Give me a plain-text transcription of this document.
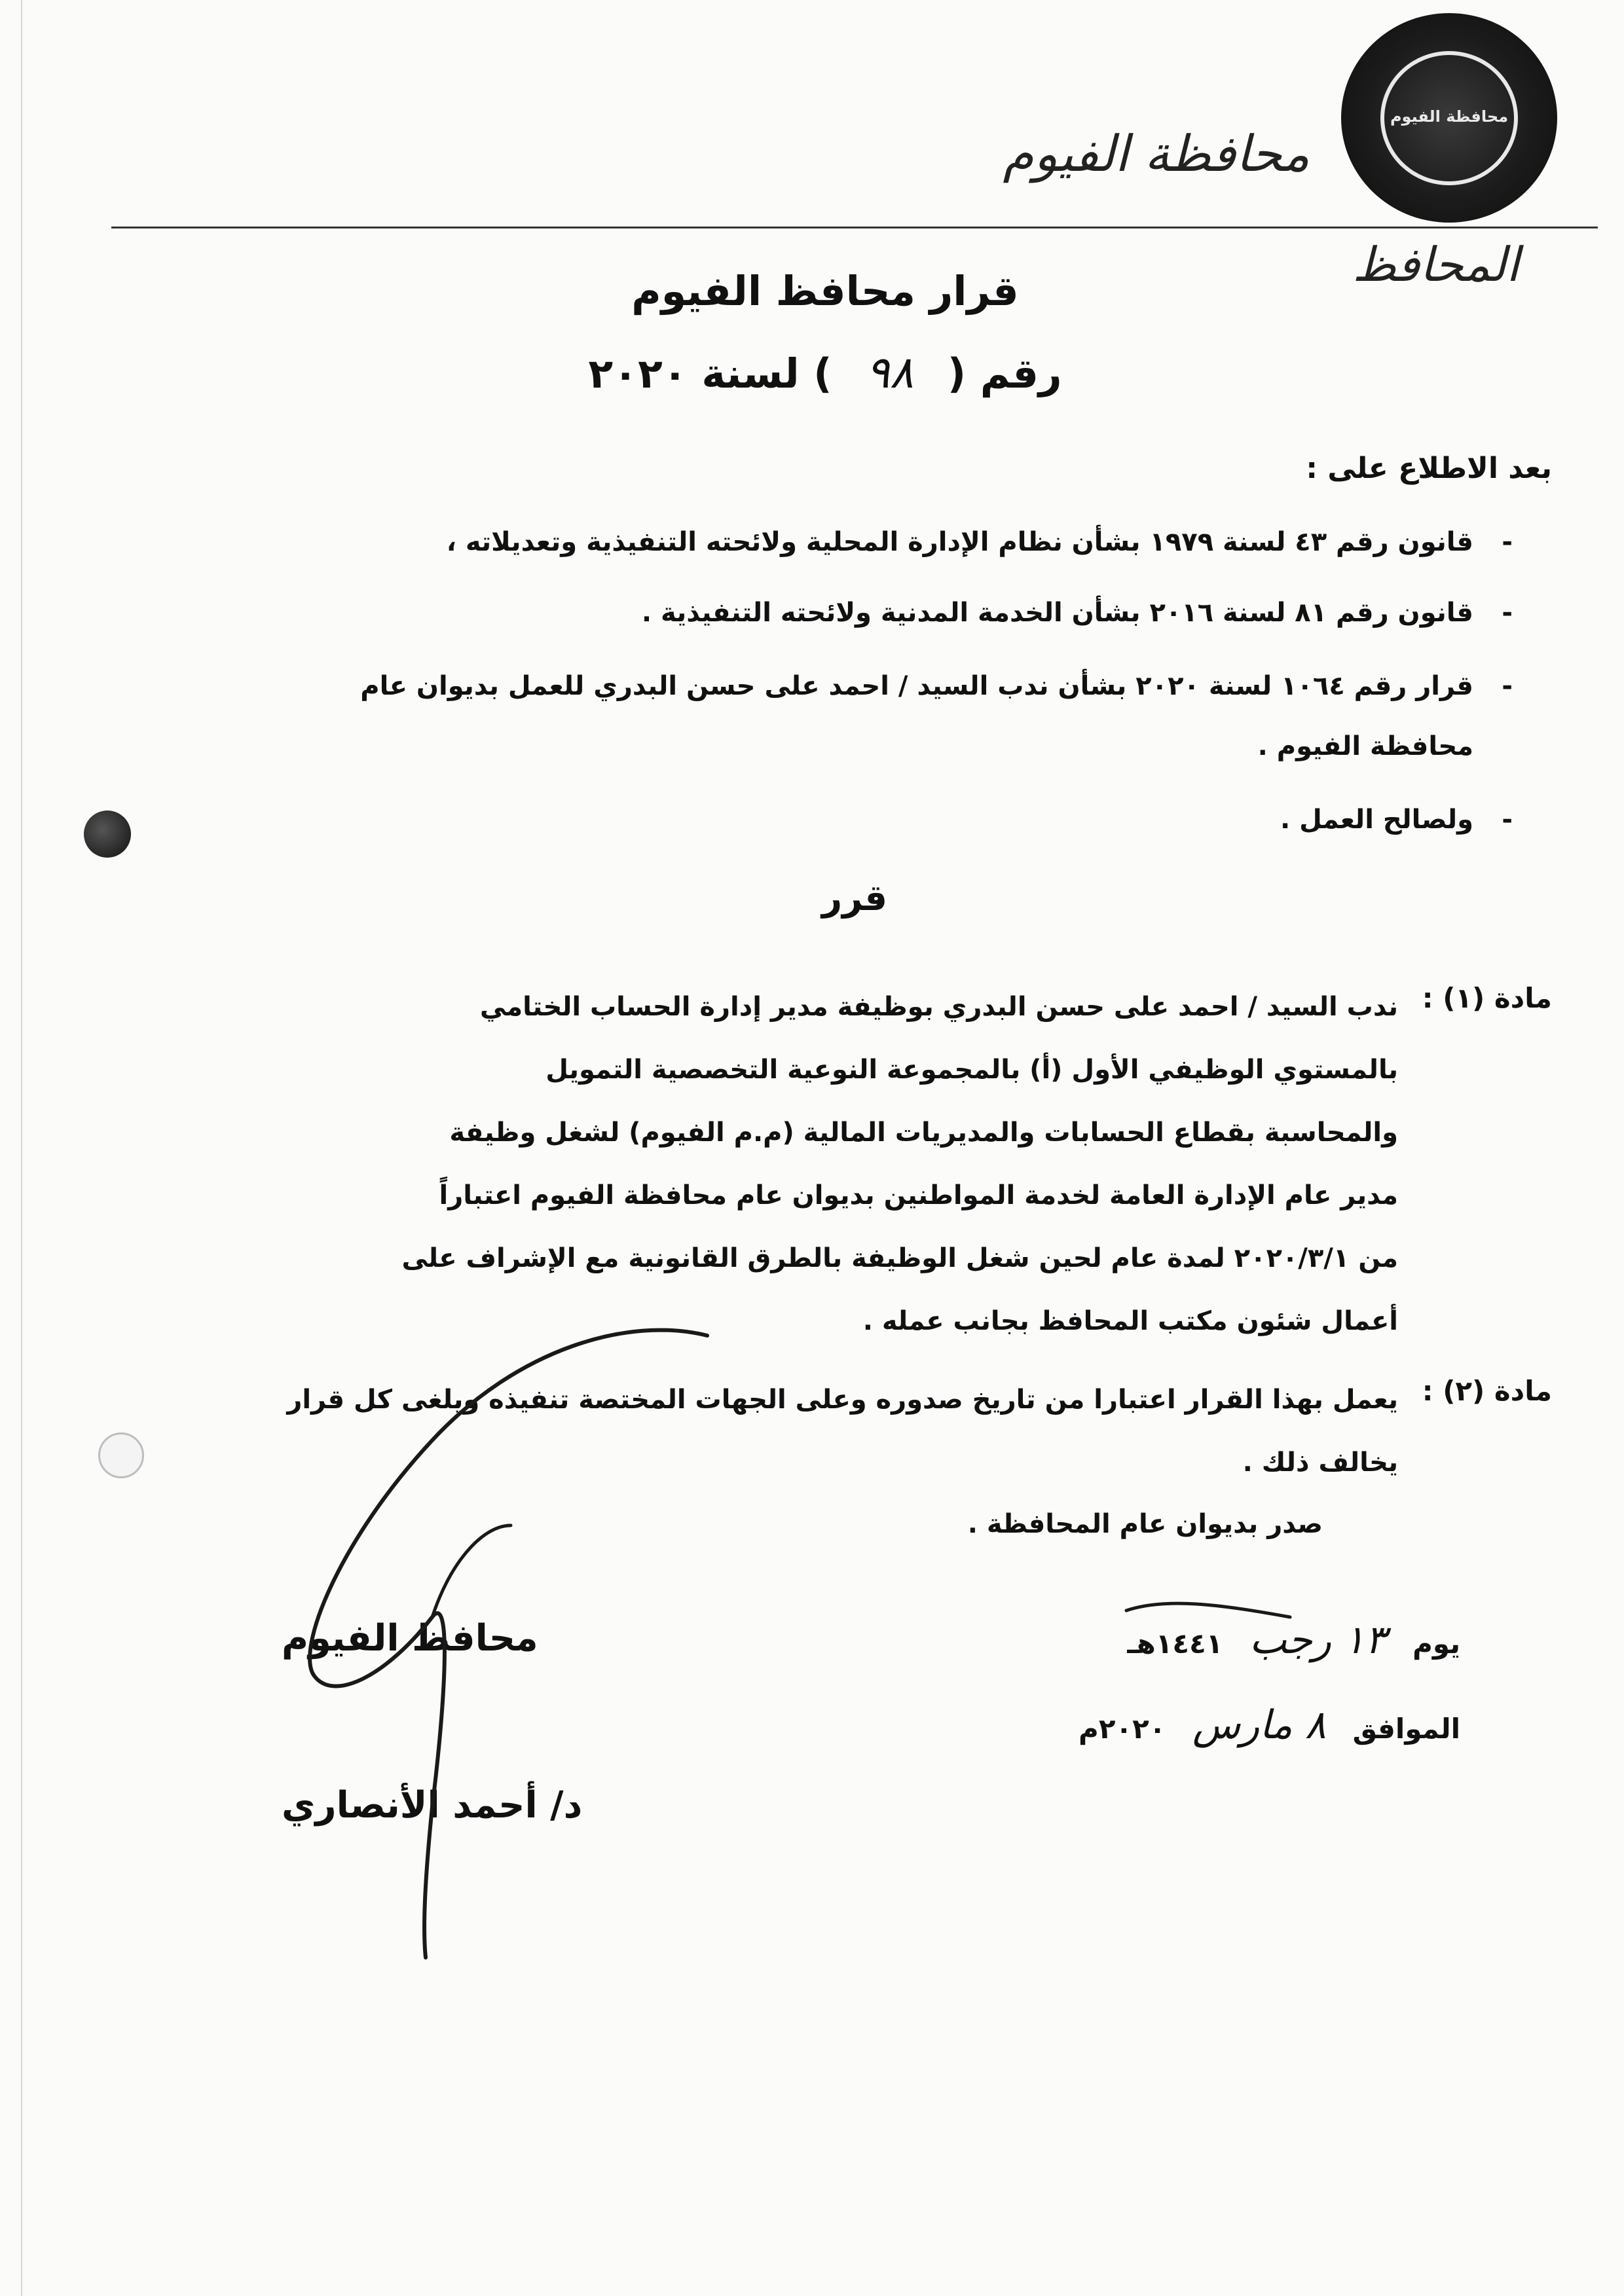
محافظة الفيوم
محافظة الفيوم
المحافظ
قرار محافظ الفيوم
رقم ( ٩٨ ) لسنة ٢٠٢٠
بعد الاطلاع على :
-قانون رقم ٤٣ لسنة ١٩٧٩ بشأن نظام الإدارة المحلية ولائحته التنفيذية وتعديلاته ،
-قانون رقم ٨١ لسنة ٢٠١٦ بشأن الخدمة المدنية ولائحته التنفيذية .
-قرار رقم ١٠٦٤ لسنة ٢٠٢٠ بشأن ندب السيد / احمد على حسن البدري للعمل بديوان عام
محافظة الفيوم .
-ولصالح العمل .
قرر
مادة (١) :
ندب السيد / احمد على حسن البدري بوظيفة مدير إدارة الحساب الختامي
بالمستوي الوظيفي الأول (أ) بالمجموعة النوعية التخصصية التمويل
والمحاسبة بقطاع الحسابات والمديريات المالية (م.م الفيوم) لشغل وظيفة
مدير عام الإدارة العامة لخدمة المواطنين بديوان عام محافظة الفيوم اعتباراً
من ٢٠٢٠/٣/١ لمدة عام لحين شغل الوظيفة بالطرق القانونية مع الإشراف على
أعمال شئون مكتب المحافظ بجانب عمله .
مادة (٢) :
يعمل بهذا القرار اعتبارا من تاريخ صدوره وعلى الجهات المختصة تنفيذه ويلغى كل قرار
يخالف ذلك .
صدر بديوان عام المحافظة .
يوم ١٣ رجب ١٤٤١هـ
الموافق ٨ مارس ٢٠٢٠م
محافظ الفيوم
د/ أحمد الأنصاري
